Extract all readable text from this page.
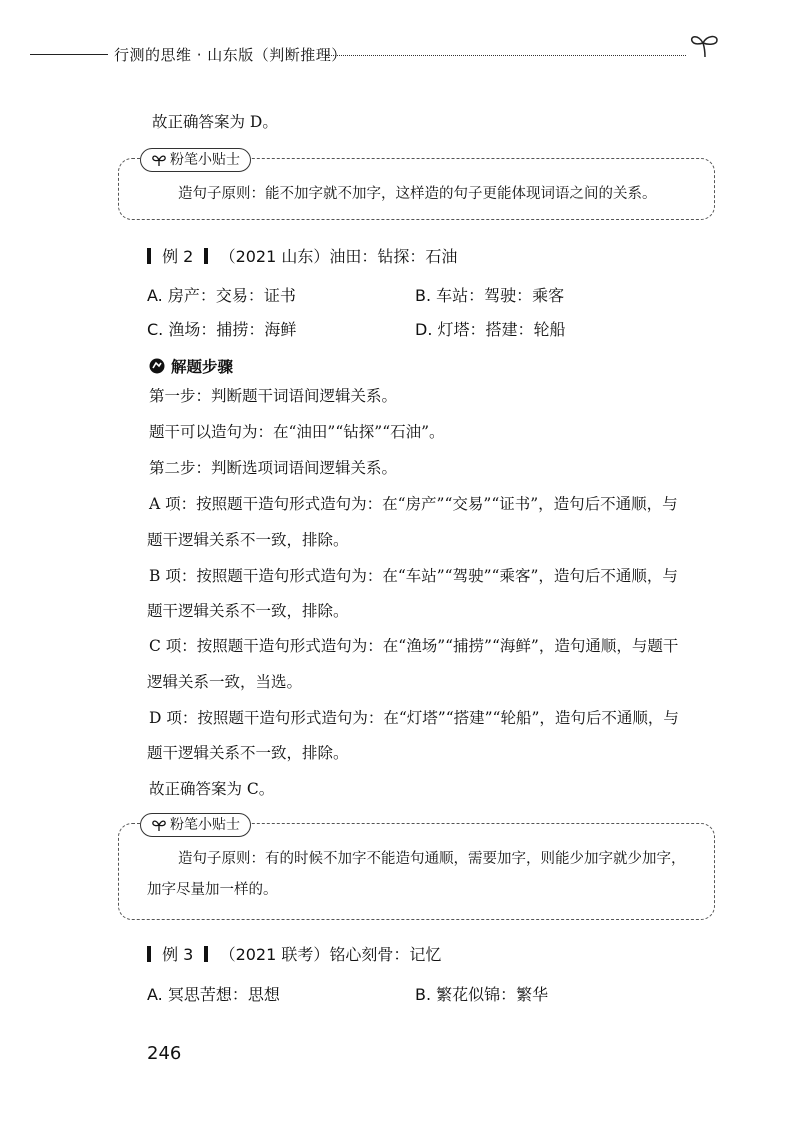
行测的思维 · 山东版（判断推理）
故正确答案为 D。
粉笔小贴士
造句子原则：能不加字就不加字，这样造的句子更能体现词语之间的关系。
例 2 （2021 山东）油田：钻探：石油
A. 房产：交易：证书	B. 车站：驾驶：乘客
C. 渔场：捕捞：海鲜	D. 灯塔：搭建：轮船
解题步骤
第一步：判断题干词语间逻辑关系。
题干可以造句为：在“油田”“钻探”“石油”。
第二步：判断选项词语间逻辑关系。
A 项：按照题干造句形式造句为：在“房产”“交易”“证书”，造句后不通顺，与
题干逻辑关系不一致，排除。
B 项：按照题干造句形式造句为：在“车站”“驾驶”“乘客”，造句后不通顺，与
题干逻辑关系不一致，排除。
C 项：按照题干造句形式造句为：在“渔场”“捕捞”“海鲜”，造句通顺，与题干
逻辑关系一致，当选。
D 项：按照题干造句形式造句为：在“灯塔”“搭建”“轮船”，造句后不通顺，与
题干逻辑关系不一致，排除。
故正确答案为 C。
粉笔小贴士
造句子原则：有的时候不加字不能造句通顺，需要加字，则能少加字就少加字，
加字尽量加一样的。
例 3 （2021 联考）铭心刻骨：记忆
A. 冥思苦想：思想	B. 繁花似锦：繁华
246
